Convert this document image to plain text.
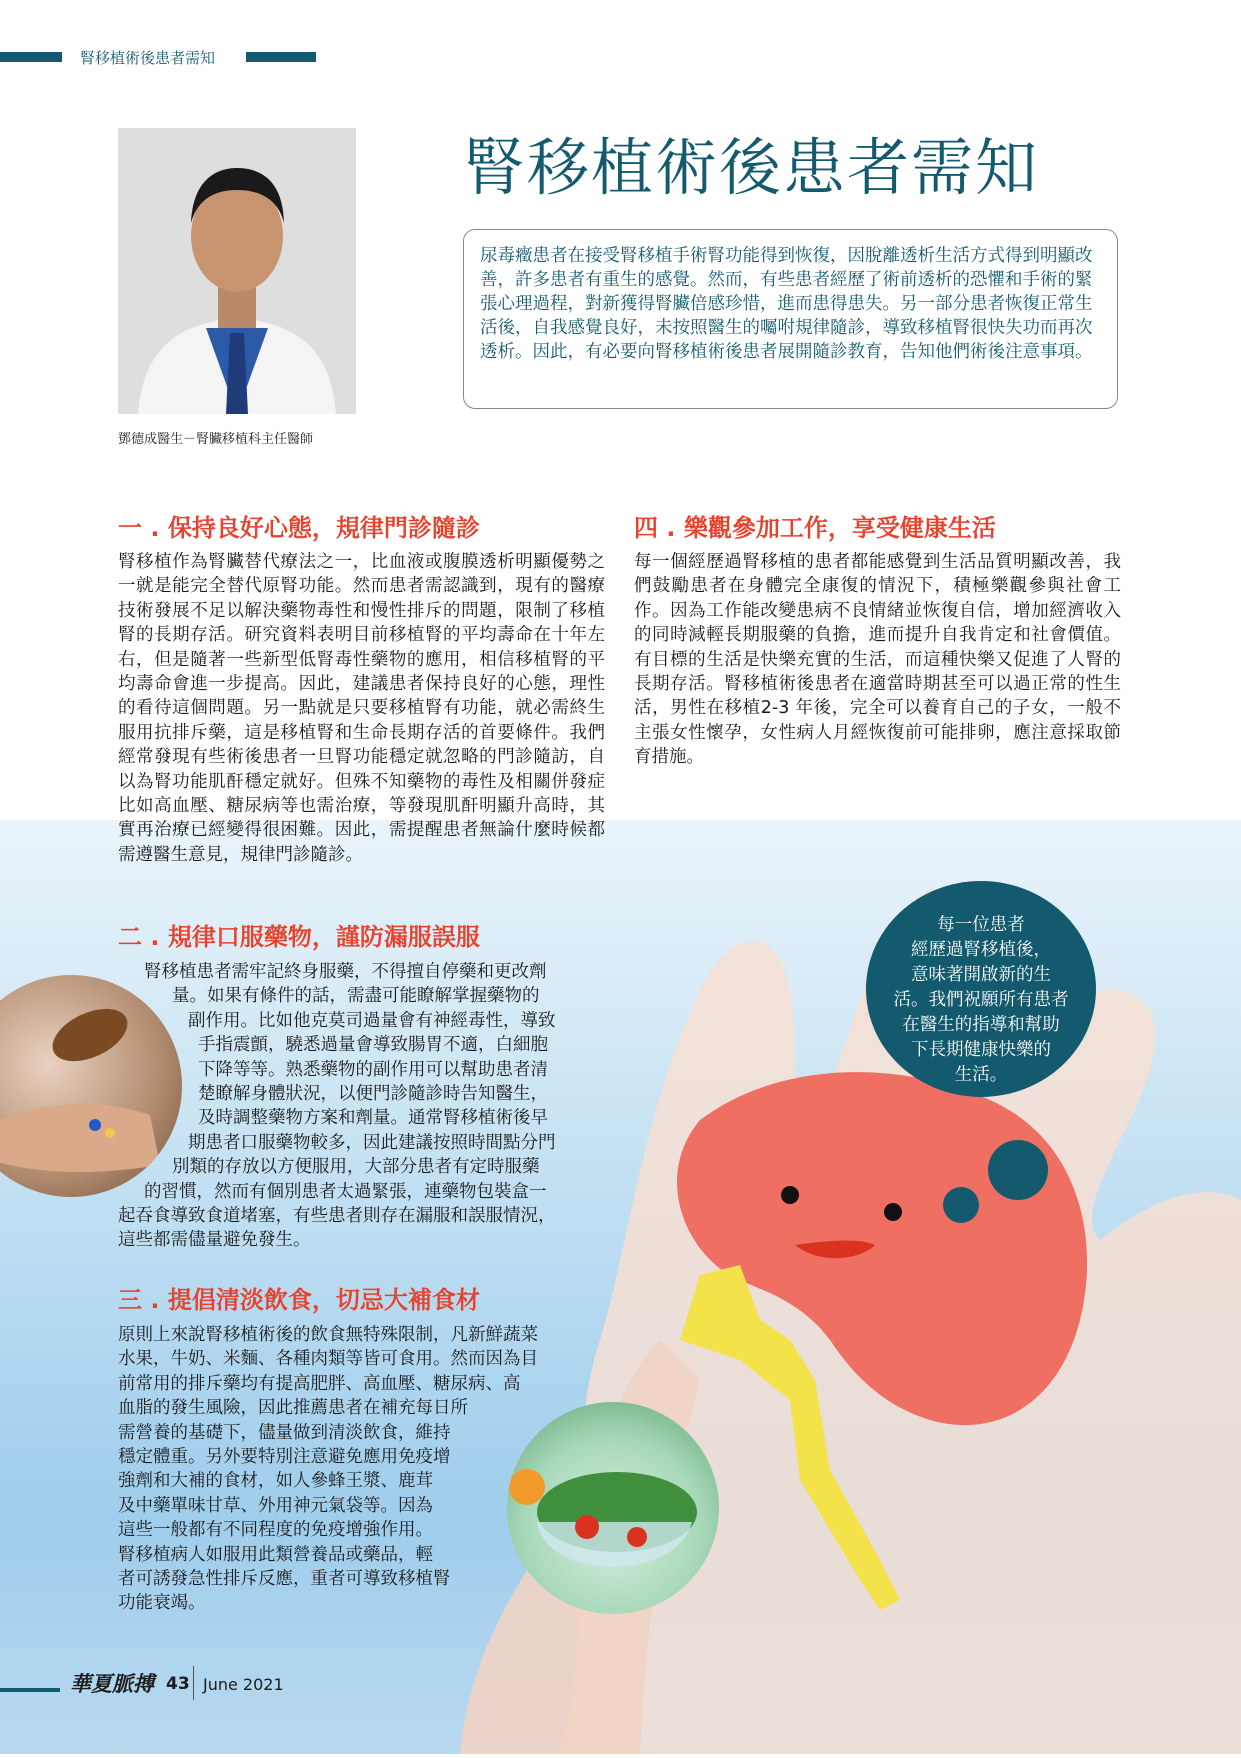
腎移植術後患者需知
鄧德成醫生－腎臟移植科主任醫師
腎移植術後患者需知
尿毒癥患者在接受腎移植手術腎功能得到恢復，因脫離透析生活方式得到明顯改善，許多患者有重生的感覺。然而，有些患者經歷了術前透析的恐懼和手術的緊張心理過程，對新獲得腎臟倍感珍惜，進而患得患失。另一部分患者恢復正常生活後，自我感覺良好，未按照醫生的囑咐規律隨診，導致移植腎很快失功而再次透析。因此，有必要向腎移植術後患者展開隨診教育，告知他們術後注意事項。
一 . 保持良好心態，規律門診隨診
腎移植作為腎臟替代療法之一，比血液或腹膜透析明顯優勢之一就是能完全替代原腎功能。然而患者需認識到，現有的醫療技術發展不足以解決藥物毒性和慢性排斥的問題，限制了移植腎的長期存活。研究資料表明目前移植腎的平均壽命在十年左右，但是隨著一些新型低腎毒性藥物的應用，相信移植腎的平均壽命會進一步提高。因此，建議患者保持良好的心態，理性的看待這個問題。另一點就是只要移植腎有功能，就必需終生服用抗排斥藥，這是移植腎和生命長期存活的首要條件。我們經常發現有些術後患者一旦腎功能穩定就忽略的門診隨訪，自以為腎功能肌酐穩定就好。但殊不知藥物的毒性及相關併發症比如高血壓、糖尿病等也需治療，等發現肌酐明顯升高時，其實再治療已經變得很困難。因此，需提醒患者無論什麼時候都需遵醫生意見，規律門診隨診。
四 . 樂觀參加工作，享受健康生活
每一個經歷過腎移植的患者都能感覺到生活品質明顯改善，我們鼓勵患者在身體完全康復的情況下，積極樂觀參與社會工作。因為工作能改變患病不良情緒並恢復自信，增加經濟收入的同時減輕長期服藥的負擔，進而提升自我肯定和社會價值。有目標的生活是快樂充實的生活，而這種快樂又促進了人腎的長期存活。腎移植術後患者在適當時期甚至可以過正常的性生活，男性在移植2-3 年後，完全可以養育自己的子女，一般不主張女性懷孕，女性病人月經恢復前可能排卵，應注意採取節育措施。
二 . 規律口服藥物，謹防漏服誤服
腎移植患者需牢記終身服藥，不得擅自停藥和更改劑
量。如果有條件的話，需盡可能瞭解掌握藥物的
副作用。比如他克莫司過量會有神經毒性，導致
手指震顫，驍悉過量會導致腸胃不適，白細胞
下降等等。熟悉藥物的副作用可以幫助患者清
楚瞭解身體狀況，以便門診隨診時告知醫生，
及時調整藥物方案和劑量。通常腎移植術後早
期患者口服藥物較多，因此建議按照時間點分門
別類的存放以方便服用，大部分患者有定時服藥
的習慣，然而有個別患者太過緊張，連藥物包裝盒一
起吞食導致食道堵塞，有些患者則存在漏服和誤服情況，
這些都需儘量避免發生。
三 . 提倡清淡飲食，切忌大補食材
原則上來說腎移植術後的飲食無特殊限制，凡新鮮蔬菜
水果，牛奶、米麵、各種肉類等皆可食用。然而因為目
前常用的排斥藥均有提高肥胖、高血壓、糖尿病、高
血脂的發生風險，因此推薦患者在補充每日所
需營養的基礎下，儘量做到清淡飲食，維持
穩定體重。另外要特別注意避免應用免疫增
強劑和大補的食材，如人參蜂王漿、鹿茸
及中藥單味甘草、外用神元氣袋等。因為
這些一般都有不同程度的免疫增強作用。
腎移植病人如服用此類營養品或藥品，輕
者可誘發急性排斥反應，重者可導致移植腎
功能衰竭。
每一位患者
經歷過腎移植後，
意味著開啟新的生
活。我們祝願所有患者
在醫生的指導和幫助
下長期健康快樂的
生活。
華夏脈搏 43 June 2021
